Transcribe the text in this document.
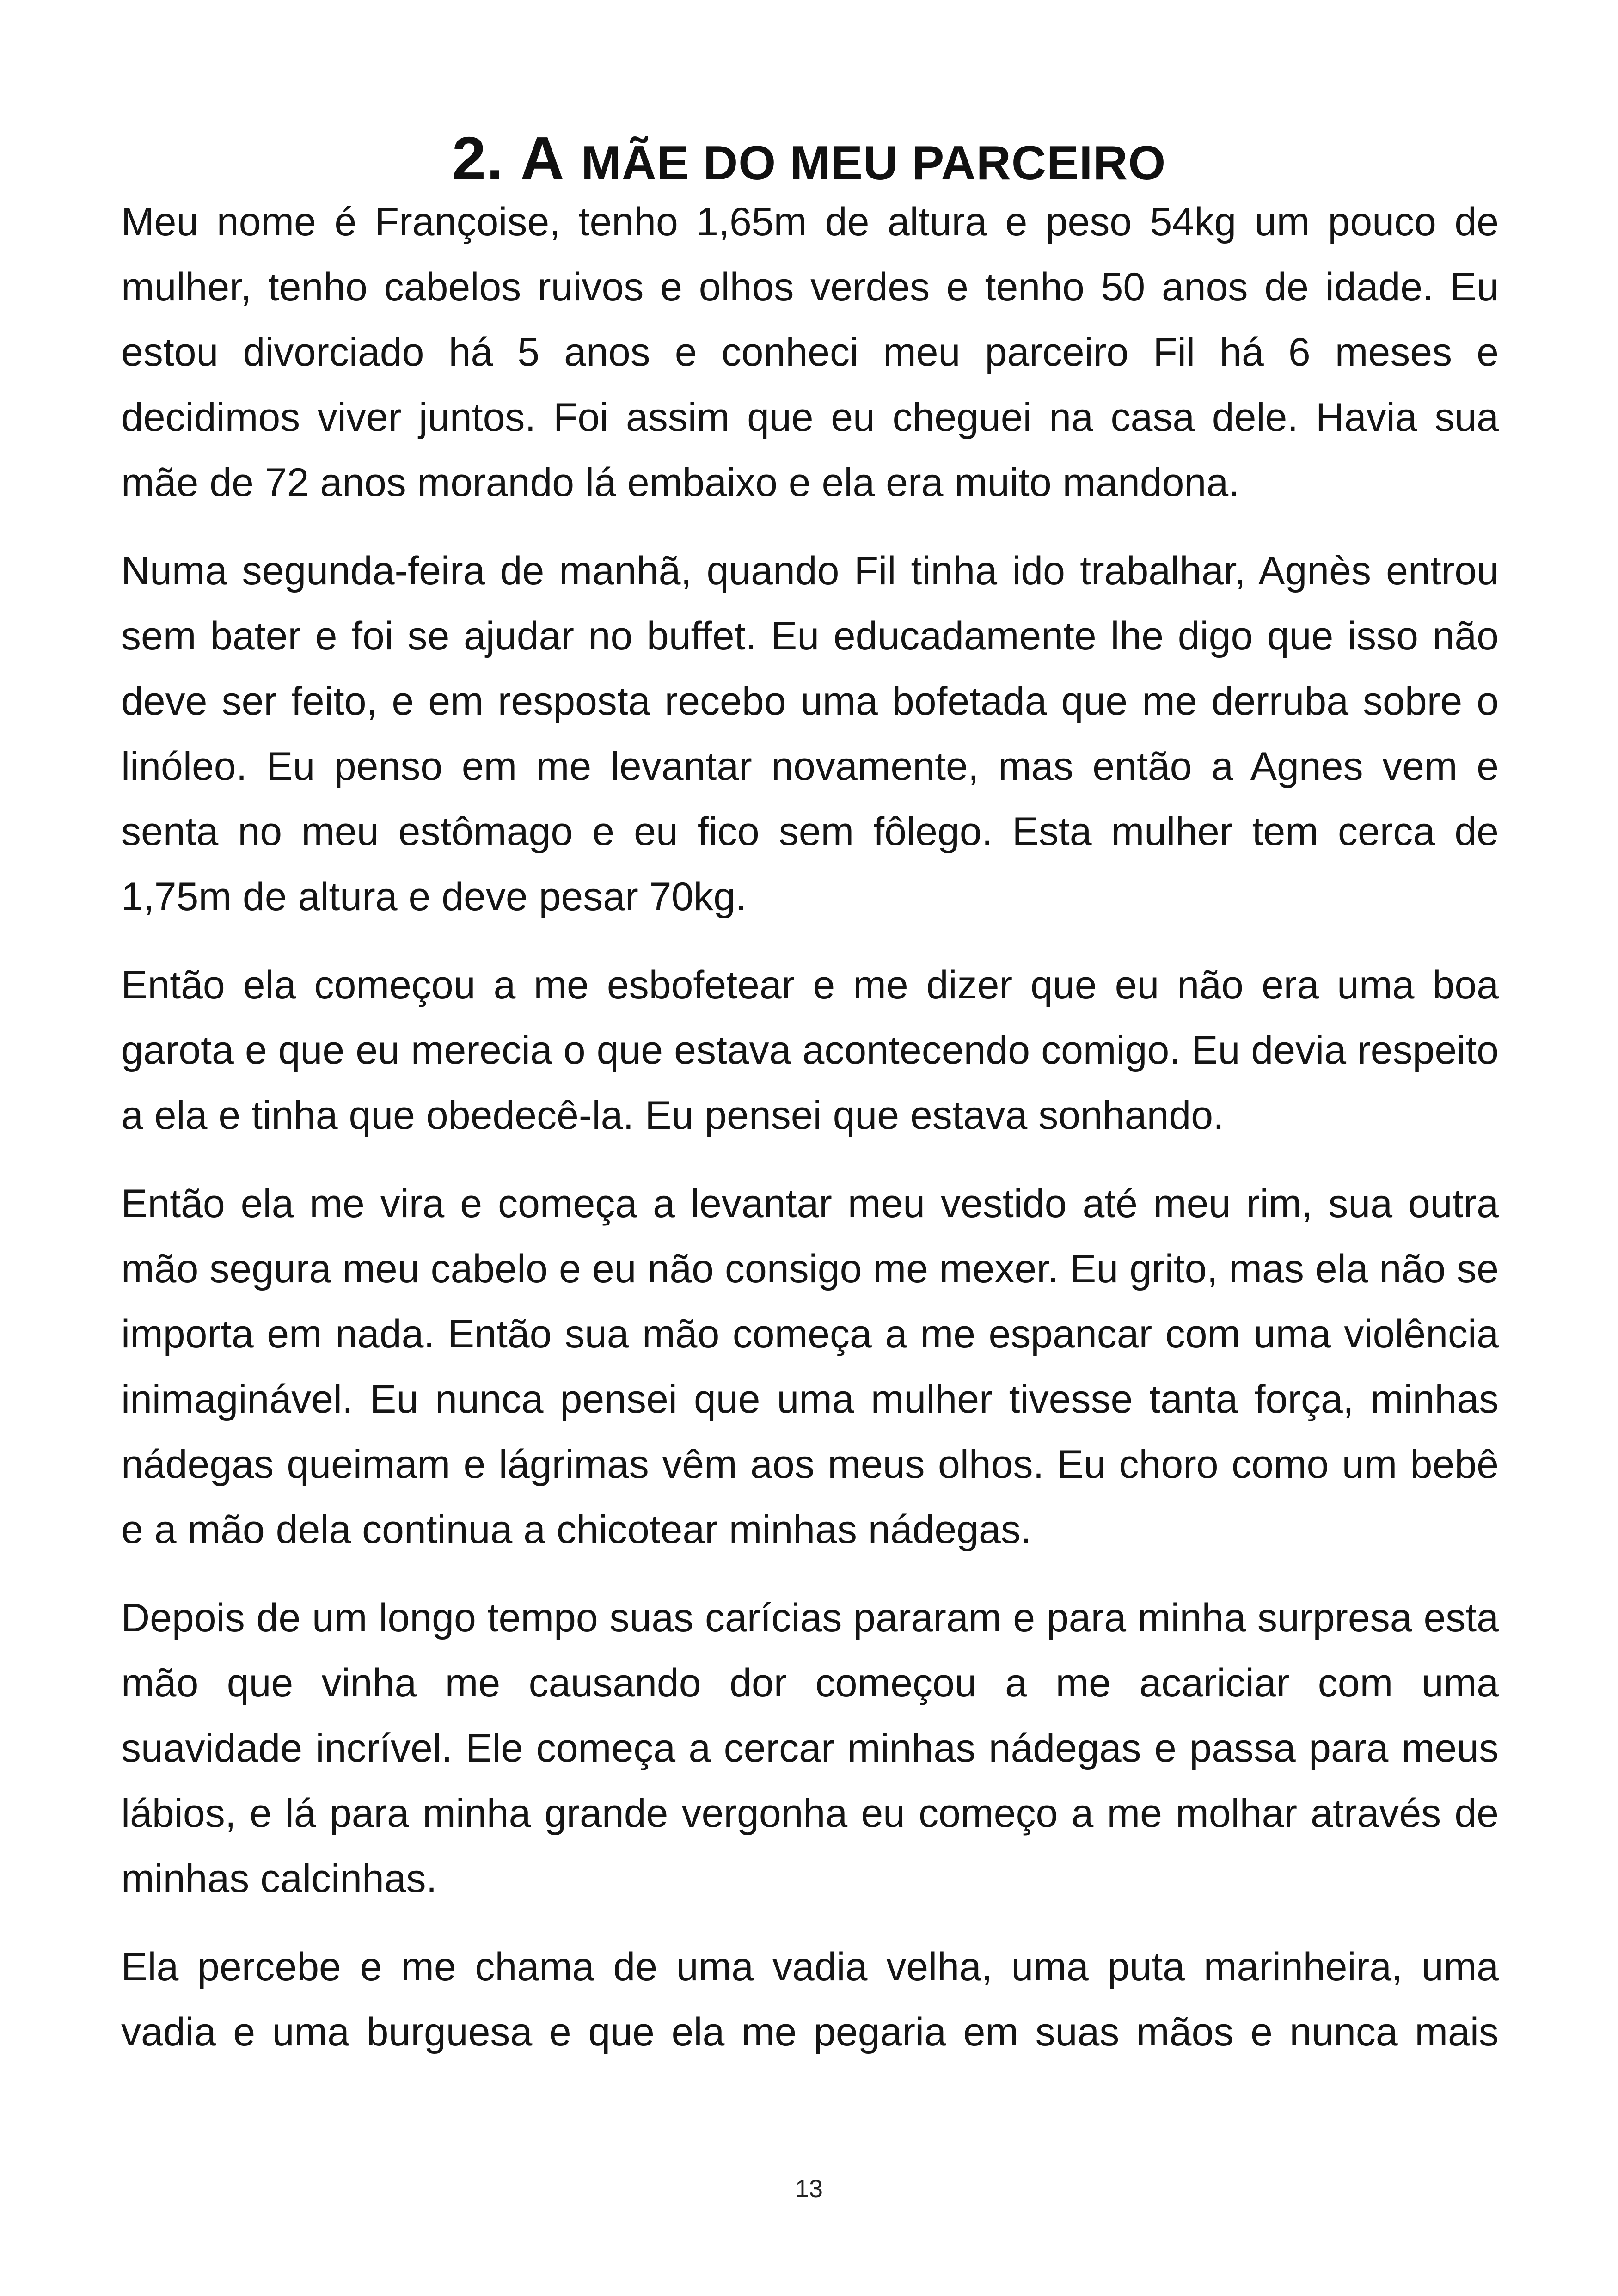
2. A MÃE DO MEU PARCEIRO

Meu nome é Françoise, tenho 1,65m de altura e peso 54kg um pouco de mulher, tenho cabelos ruivos e olhos verdes e tenho 50 anos de idade. Eu estou divorciado há 5 anos e conheci meu parceiro Fil há 6 meses e decidimos viver juntos. Foi assim que eu cheguei na casa dele. Havia sua mãe de 72 anos morando lá embaixo e ela era muito mandona.

Numa segunda-feira de manhã, quando Fil tinha ido trabalhar, Agnès entrou sem bater e foi se ajudar no buffet. Eu educadamente lhe digo que isso não deve ser feito, e em resposta recebo uma bofetada que me derruba sobre o linóleo. Eu penso em me levantar novamente, mas então a Agnes vem e senta no meu estômago e eu fico sem fôlego. Esta mulher tem cerca de 1,75m de altura e deve pesar 70kg.

Então ela começou a me esbofetear e me dizer que eu não era uma boa garota e que eu merecia o que estava acontecendo comigo. Eu devia respeito a ela e tinha que obedecê-la. Eu pensei que estava sonhando.

Então ela me vira e começa a levantar meu vestido até meu rim, sua outra mão segura meu cabelo e eu não consigo me mexer. Eu grito, mas ela não se importa em nada. Então sua mão começa a me espancar com uma violência inimaginável. Eu nunca pensei que uma mulher tivesse tanta força, minhas nádegas queimam e lágrimas vêm aos meus olhos. Eu choro como um bebê e a mão dela continua a chicotear minhas nádegas.

Depois de um longo tempo suas carícias pararam e para minha surpresa esta mão que vinha me causando dor começou a me acariciar com uma suavidade incrível. Ele começa a cercar minhas nádegas e passa para meus lábios, e lá para minha grande vergonha eu começo a me molhar através de minhas calcinhas.

Ela percebe e me chama de uma vadia velha, uma puta marinheira, uma vadia e uma burguesa e que ela me pegaria em suas mãos e nunca mais

13
